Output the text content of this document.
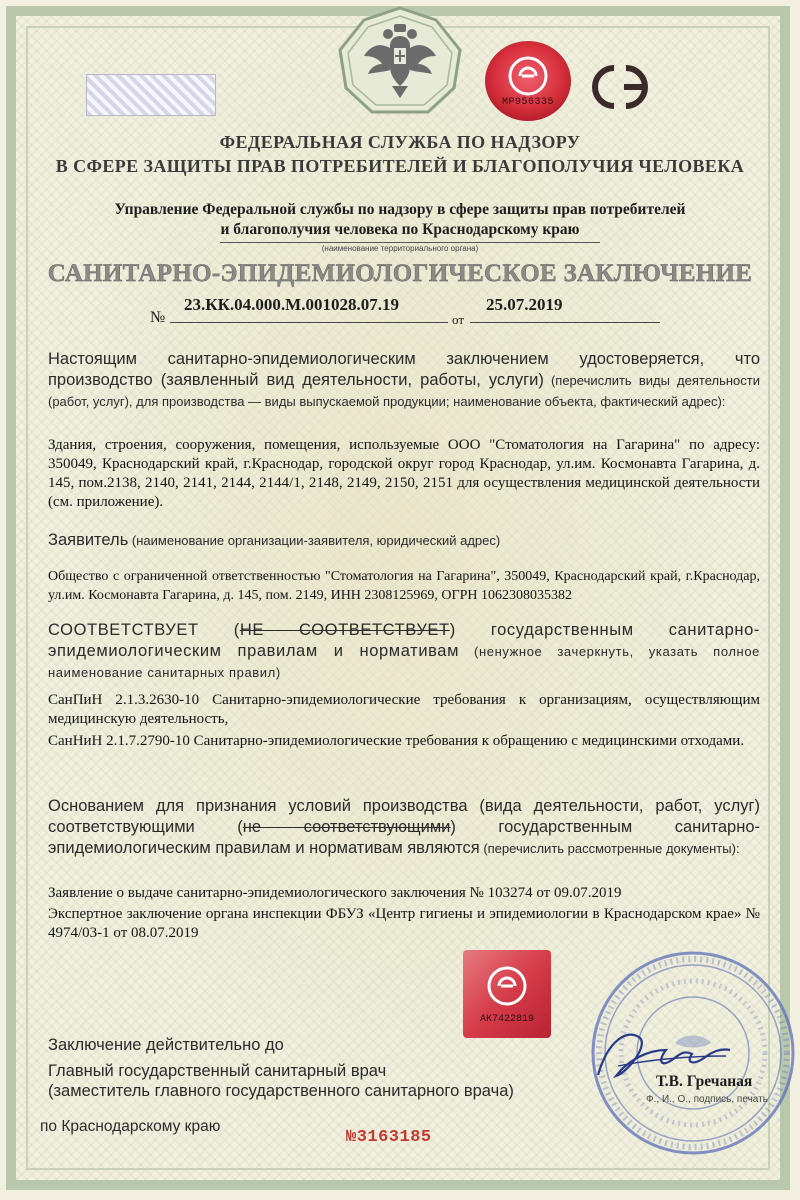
МР956335
ФЕДЕРАЛЬНАЯ СЛУЖБА ПО НАДЗОРУ
В СФЕРЕ ЗАЩИТЫ ПРАВ ПОТРЕБИТЕЛЕЙ И БЛАГОПОЛУЧИЯ ЧЕЛОВЕКА
Управление Федеральной службы по надзору в сфере защиты прав потребителей
и благополучия человека по Краснодарскому краю
(наименование территориального органа)
САНИТАРНО-ЭПИДЕМИОЛОГИЧЕСКОЕ ЗАКЛЮЧЕНИЕ
№
23.КК.04.000.М.001028.07.19
от
25.07.2019
Настоящим санитарно-эпидемиологическим заключением удостоверяется, что производство (заявленный вид деятельности, работы, услуги) (перечислить виды деятельности (работ, услуг), для производства — виды выпускаемой продукции; наименование объекта, фактический адрес):
Здания, строения, сооружения, помещения, используемые ООО "Стоматология на Гагарина" по адресу: 350049, Краснодарский край, г.Краснодар, городской округ город Краснодар, ул.им. Космонавта Гагарина, д. 145, пом.2138, 2140, 2141, 2144, 2144/1, 2148, 2149, 2150, 2151 для осуществления медицинской деятельности (см. приложение).
Заявитель (наименование организации-заявителя, юридический адрес)
Общество с ограниченной ответственностью "Стоматология на Гагарина", 350049, Краснодарский край, г.Краснодар, ул.им. Космонавта Гагарина, д. 145, пом. 2149, ИНН 2308125969, ОГРН 1062308035382
СООТВЕТСТВУЕТ (НЕ СООТВЕТСТВУЕТ) государственным санитарно-эпидемиологическим правилам и нормативам (ненужное зачеркнуть, указать полное наименование санитарных правил)
СанПиН 2.1.3.2630-10 Санитарно-эпидемиологические требования к организациям, осуществляющим медицинскую деятельность,
СанНиН 2.1.7.2790-10 Санитарно-эпидемиологические требования к обращению с медицинскими отходами.
Основанием для признания условий производства (вида деятельности, работ, услуг) соответствующими (не соответствующими) государственным санитарно-эпидемиологическим правилам и нормативам являются (перечислить рассмотренные документы):
Заявление о выдаче санитарно-эпидемиологического заключения № 103274 от 09.07.2019
Экспертное заключение органа инспекции ФБУЗ «Центр гигиены и эпидемиологии в Краснодарском крае» № 4974/03-1 от 08.07.2019
АК7422819
Заключение действительно до
Главный государственный санитарный врач
(заместитель главного государственного санитарного врача)
по Краснодарскому краю
Т.В. Гречаная
Ф., И., О., подпись, печать
№3163185
